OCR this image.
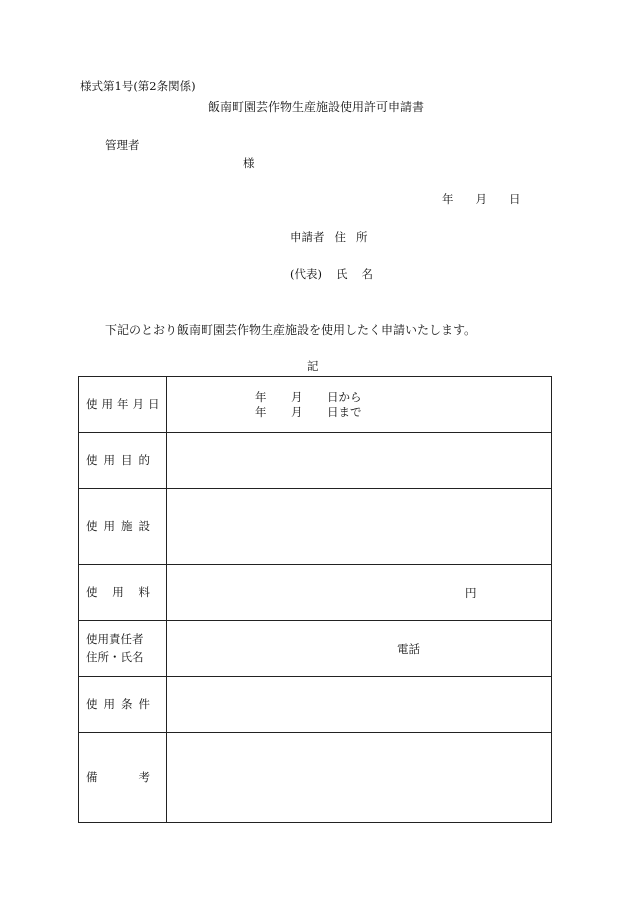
様式第1号(第2条関係)
飯南町園芸作物生産施設使用許可申請書
管理者
様
年 月 日
申請者 住 所
(代表) 氏 名
下記のとおり飯南町園芸作物生産施設を使用したく申請いたします。
記
使用年月日	年 月 日から
年 月 日まで

使 用 目 的	

使 用 施 設	

使 用 料	円

使用責任者
住所・氏名	電話

使 用 条 件	

備 考	
